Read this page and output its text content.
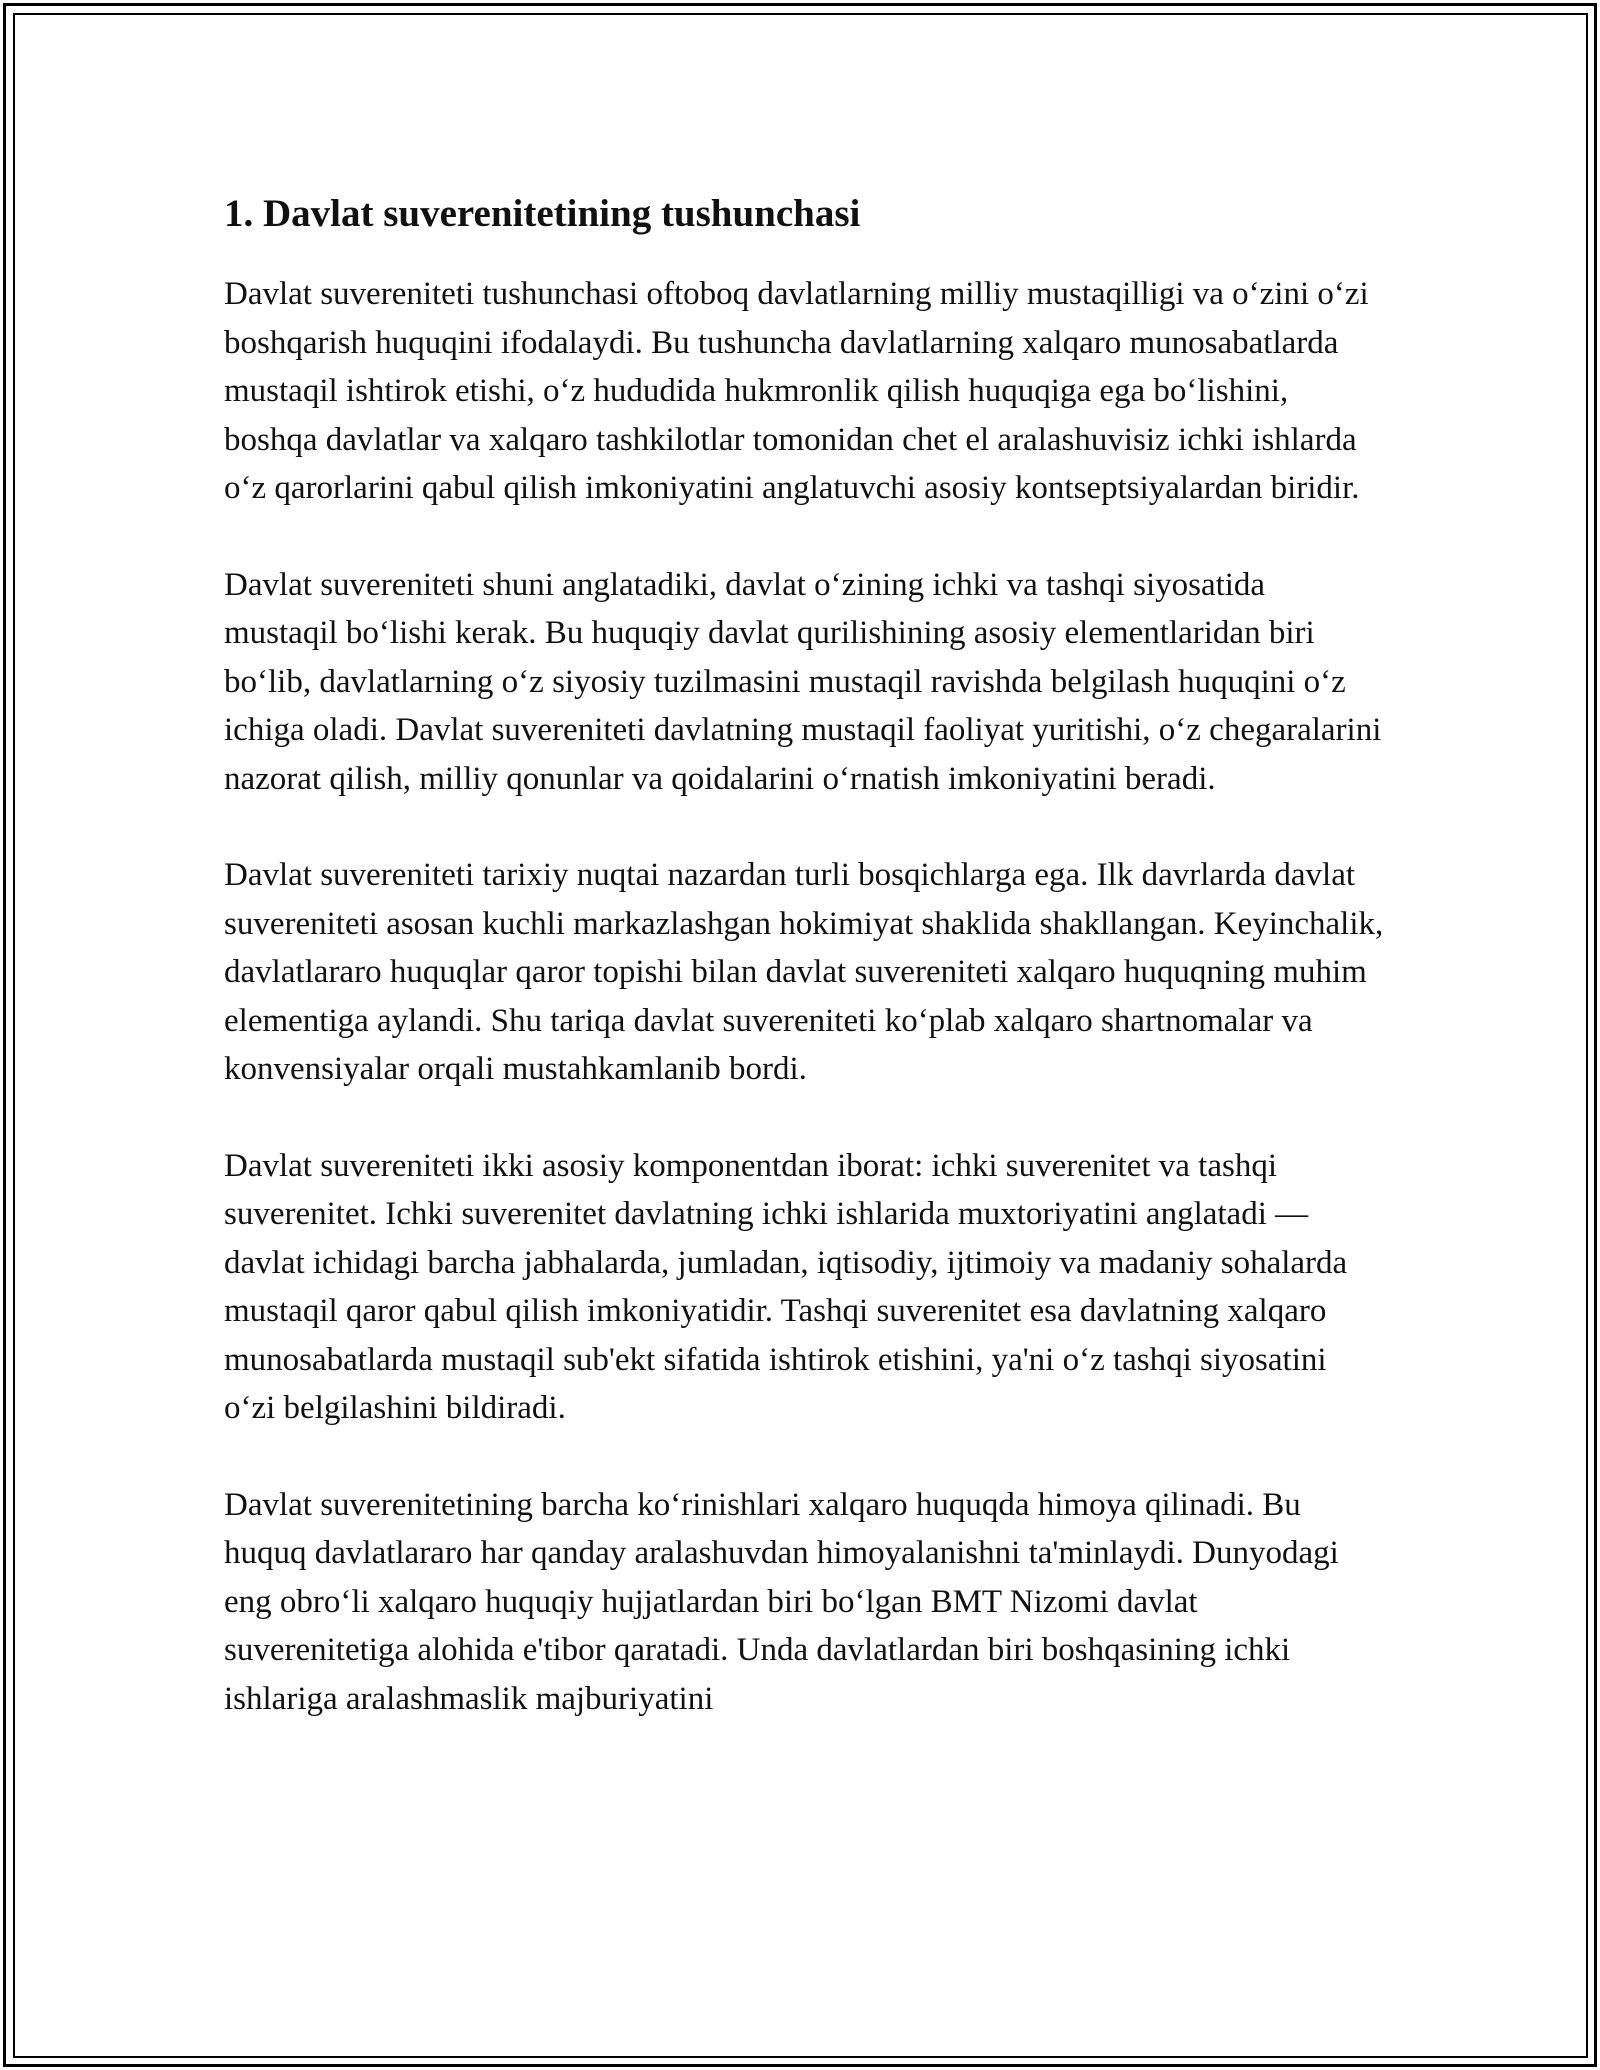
1. Davlat suverenitetining tushunchasi

Davlat suvereniteti tushunchasi oftoboq davlatlarning milliy mustaqilligi va o‘zini o‘zi boshqarish huquqini ifodalaydi. Bu tushuncha davlatlarning xalqaro munosabatlarda mustaqil ishtirok etishi, o‘z hududida hukmronlik qilish huquqiga ega bo‘lishini, boshqa davlatlar va xalqaro tashkilotlar tomonidan chet el aralashuvisiz ichki ishlarda o‘z qarorlarini qabul qilish imkoniyatini anglatuvchi asosiy kontseptsiyalardan biridir.

Davlat suvereniteti shuni anglatadiki, davlat o‘zining ichki va tashqi siyosatida mustaqil bo‘lishi kerak. Bu huquqiy davlat qurilishining asosiy elementlaridan biri bo‘lib, davlatlarning o‘z siyosiy tuzilmasini mustaqil ravishda belgilash huquqini o‘z ichiga oladi. Davlat suvereniteti davlatning mustaqil faoliyat yuritishi, o‘z chegaralarini nazorat qilish, milliy qonunlar va qoidalarini o‘rnatish imkoniyatini beradi.

Davlat suvereniteti tarixiy nuqtai nazardan turli bosqichlarga ega. Ilk davrlarda davlat suvereniteti asosan kuchli markazlashgan hokimiyat shaklida shakllangan. Keyinchalik, davlatlararo huquqlar qaror topishi bilan davlat suvereniteti xalqaro huquqning muhim elementiga aylandi. Shu tariqa davlat suvereniteti ko‘plab xalqaro shartnomalar va konvensiyalar orqali mustahkamlanib bordi.

Davlat suvereniteti ikki asosiy komponentdan iborat: ichki suverenitet va tashqi suverenitet. Ichki suverenitet davlatning ichki ishlarida muxtoriyatini anglatadi — davlat ichidagi barcha jabhalarda, jumladan, iqtisodiy, ijtimoiy va madaniy sohalarda mustaqil qaror qabul qilish imkoniyatidir. Tashqi suverenitet esa davlatning xalqaro munosabatlarda mustaqil sub'ekt sifatida ishtirok etishini, ya'ni o‘z tashqi siyosatini o‘zi belgilashini bildiradi.

Davlat suverenitetining barcha ko‘rinishlari xalqaro huquqda himoya qilinadi. Bu huquq davlatlararo har qanday aralashuvdan himoyalanishni ta'minlaydi. Dunyodagi eng obro‘li xalqaro huquqiy hujjatlardan biri bo‘lgan BMT Nizomi davlat suverenitetiga alohida e'tibor qaratadi. Unda davlatlardan biri boshqasining ichki ishlariga aralashmaslik majburiyatini
